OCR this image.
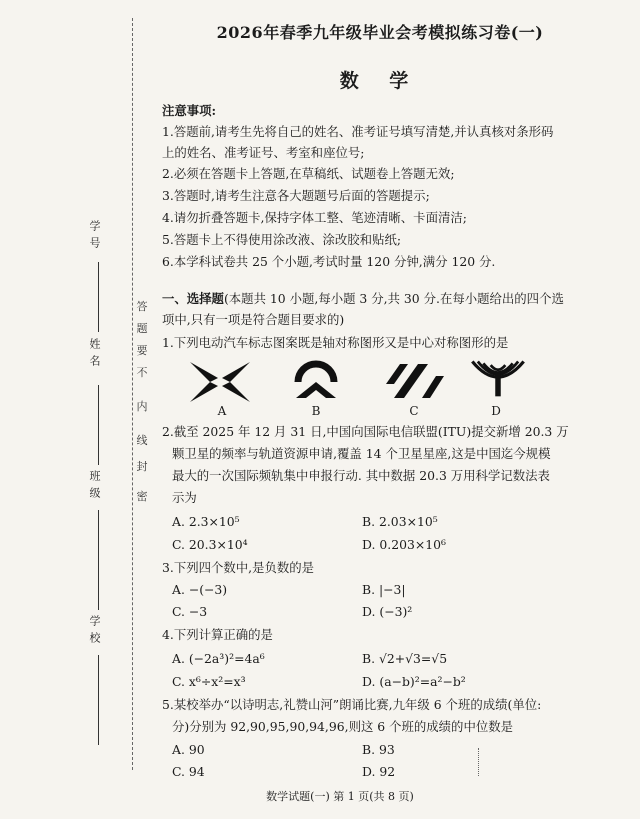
学号
姓名
班级
学校
答
题
要
不
内
线
封
密
2026年春季九年级毕业会考模拟练习卷(一)
数 学
注意事项:
1.答题前,请考生先将自己的姓名、准考证号填写清楚,并认真核对条形码
上的姓名、准考证号、考室和座位号;
2.必须在答题卡上答题,在草稿纸、试题卷上答题无效;
3.答题时,请考生注意各大题题号后面的答题提示;
4.请勿折叠答题卡,保持字体工整、笔迹清晰、卡面清洁;
5.答题卡上不得使用涂改液、涂改胶和贴纸;
6.本学科试卷共 25 个小题,考试时量 120 分钟,满分 120 分.
一、选择题(本题共 10 小题,每小题 3 分,共 30 分.在每小题给出的四个选
项中,只有一项是符合题目要求的)
1.下列电动汽车标志图案既是轴对称图形又是中心对称图形的是
A	B	C	D
2.截至 2025 年 12 月 31 日,中国向国际电信联盟(ITU)提交新增 20.3 万
颗卫星的频率与轨道资源申请,覆盖 14 个卫星星座,这是中国迄今规模
最大的一次国际频轨集中申报行动. 其中数据 20.3 万用科学记数法表
示为
A. 2.3×10⁵	B. 2.03×10⁵
C. 20.3×10⁴	D. 0.203×10⁶
3.下列四个数中,是负数的是
A. −(−3)	B. |−3|
C. −3	D. (−3)²
4.下列计算正确的是
A. (−2a³)²=4a⁶	B. √2+√3=√5
C. x⁶÷x²=x³	D. (a−b)²=a²−b²
5.某校举办“以诗明志,礼赞山河”朗诵比赛,九年级 6 个班的成绩(单位:
分)分别为 92,90,95,90,94,96,则这 6 个班的成绩的中位数是
A. 90	B. 93
C. 94	D. 92
数学试题(一) 第 1 页(共 8 页)
